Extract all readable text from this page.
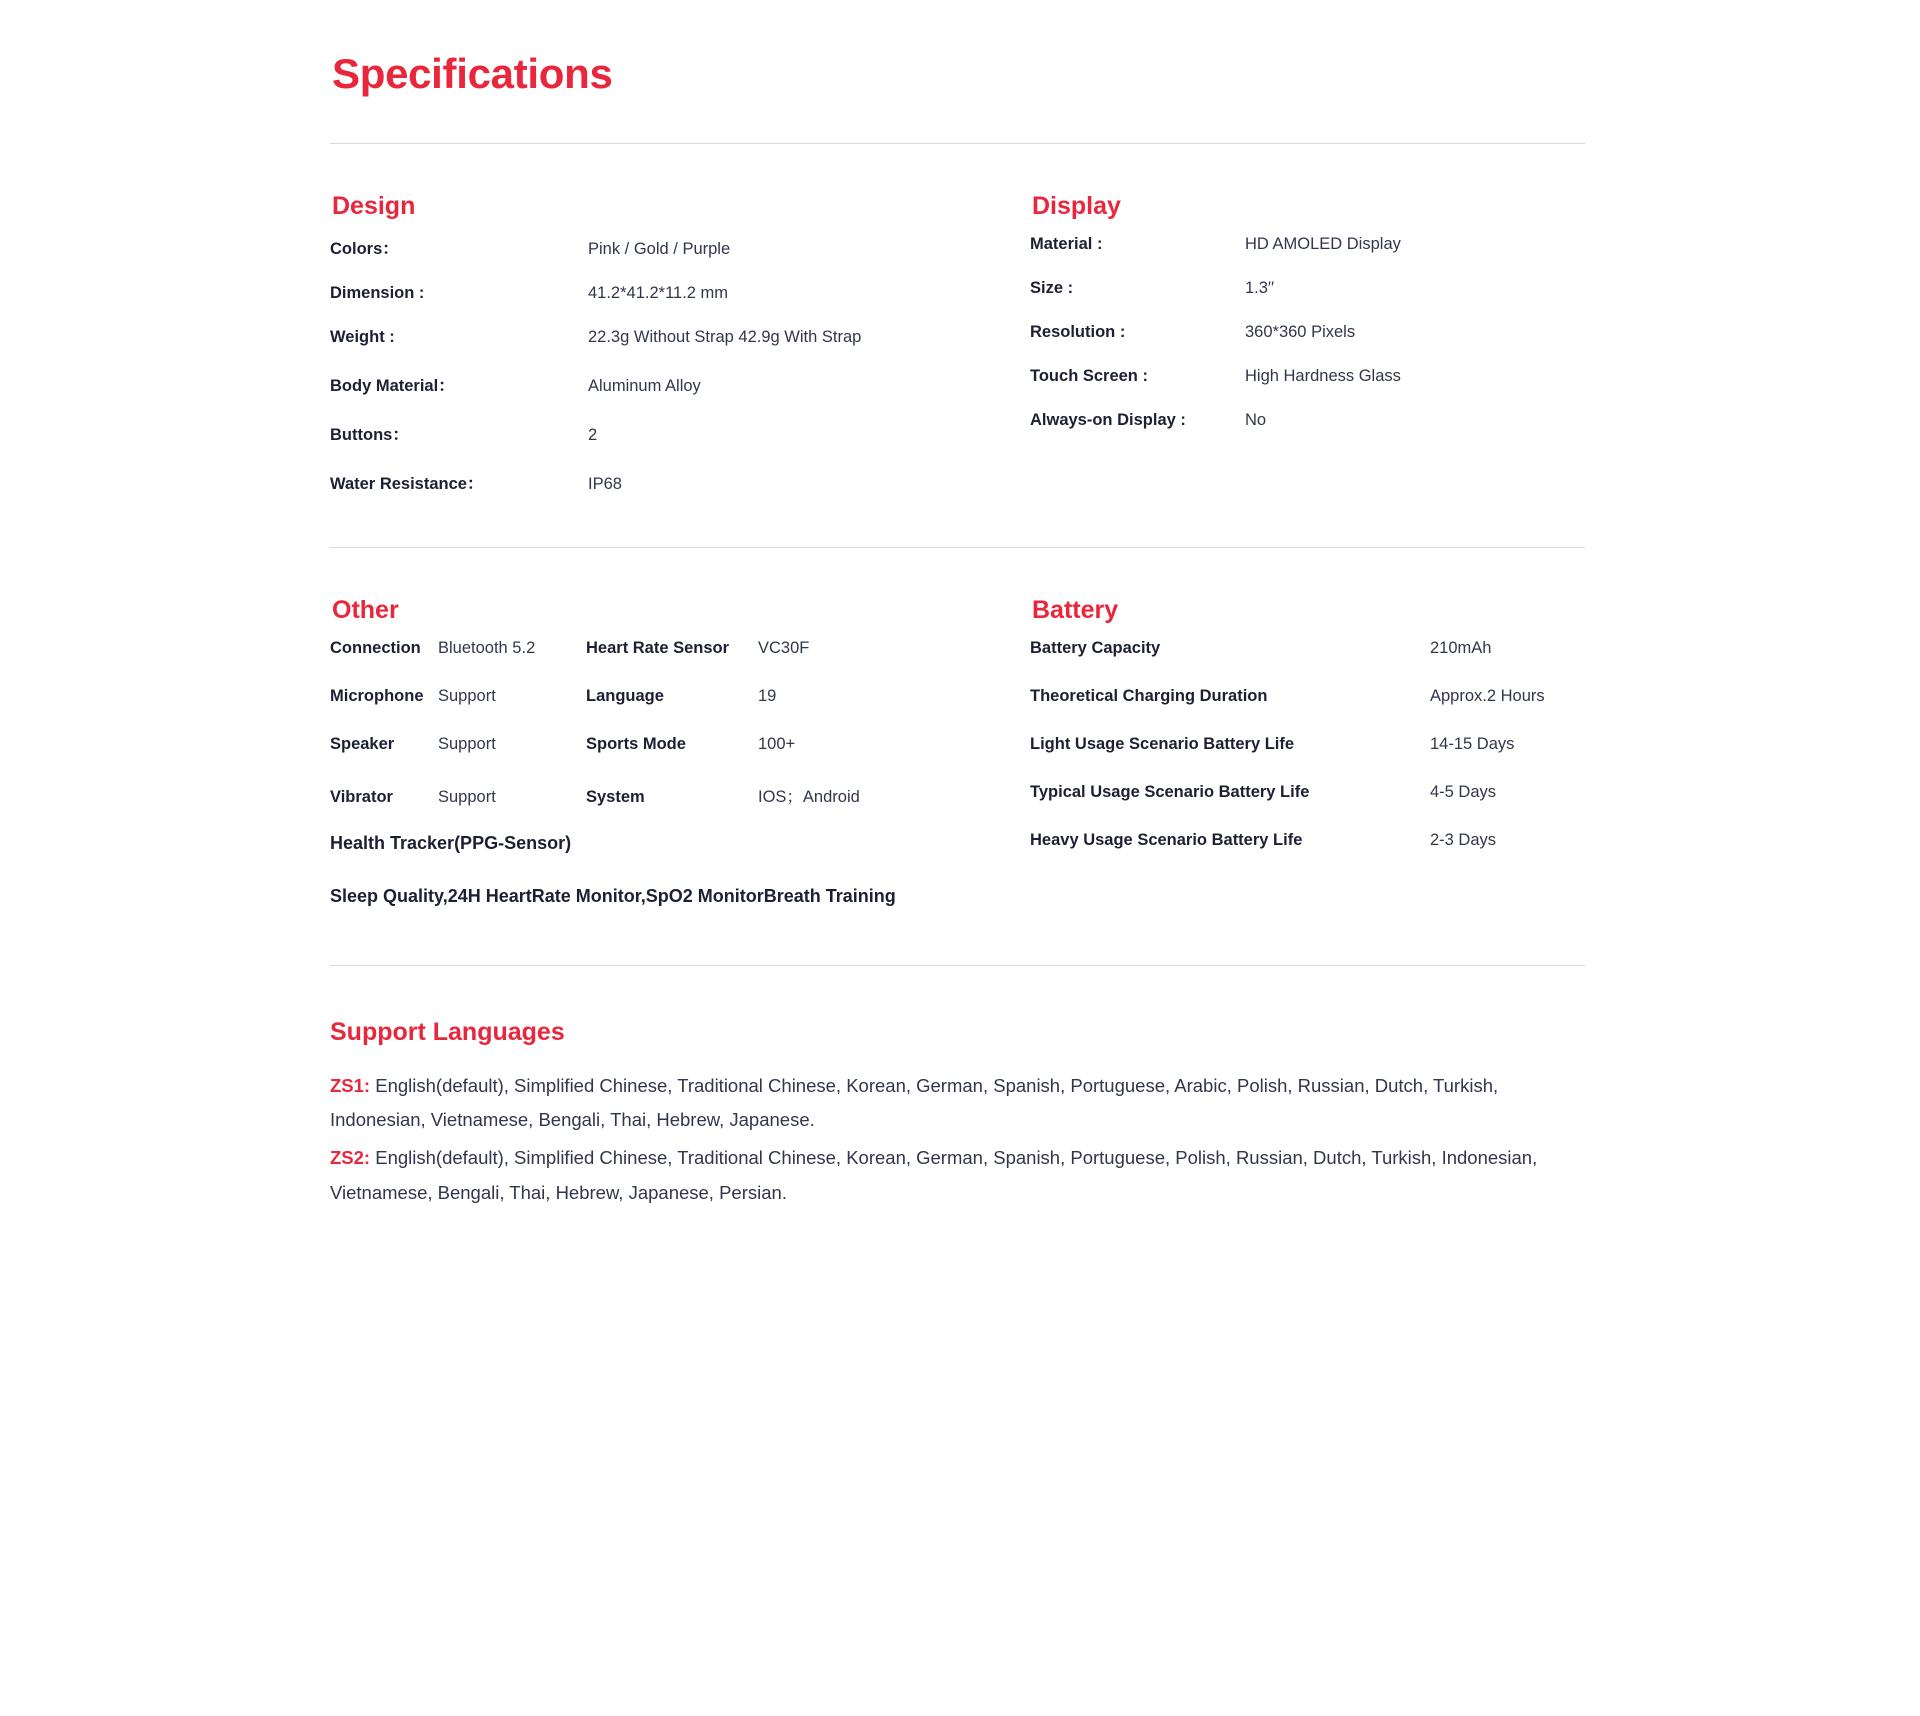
Specifications
Design
Colors：	Pink / Gold / Purple
Dimension :	41.2*41.2*11.2 mm
Weight :	22.3g Without Strap 42.9g With Strap
Body Material：	Aluminum Alloy
Buttons：	2
Water Resistance：	IP68
Display
Material :	HD AMOLED Display
Size :	1.3′′
Resolution :	360*360 Pixels
Touch Screen :	High Hardness Glass
Always-on Display :	No
Other
Connection	Bluetooth 5.2	Heart Rate Sensor	VC30F
Microphone Support	Language	19
Speaker	Support	Sports Mode	100+
Vibrator	Support	System	IOS；Android
Health Tracker(PPG-Sensor)
Sleep Quality,24H HeartRate Monitor,SpO2 MonitorBreath Training
Battery
Battery Capacity	210mAh
Theoretical Charging Duration	Approx.2 Hours
Light Usage Scenario Battery Life	14-15 Days
Typical Usage Scenario Battery Life	4-5 Days
Heavy Usage Scenario Battery Life	2-3 Days
Support Languages
ZS1: English(default), Simplified Chinese, Traditional Chinese, Korean, German, Spanish, Portuguese, Arabic, Polish, Russian, Dutch, Turkish, Indonesian, Vietnamese, Bengali, Thai, Hebrew, Japanese.
ZS2: English(default), Simplified Chinese, Traditional Chinese, Korean, German, Spanish, Portuguese, Polish, Russian, Dutch, Turkish, Indonesian, Vietnamese, Bengali, Thai, Hebrew, Japanese, Persian.
